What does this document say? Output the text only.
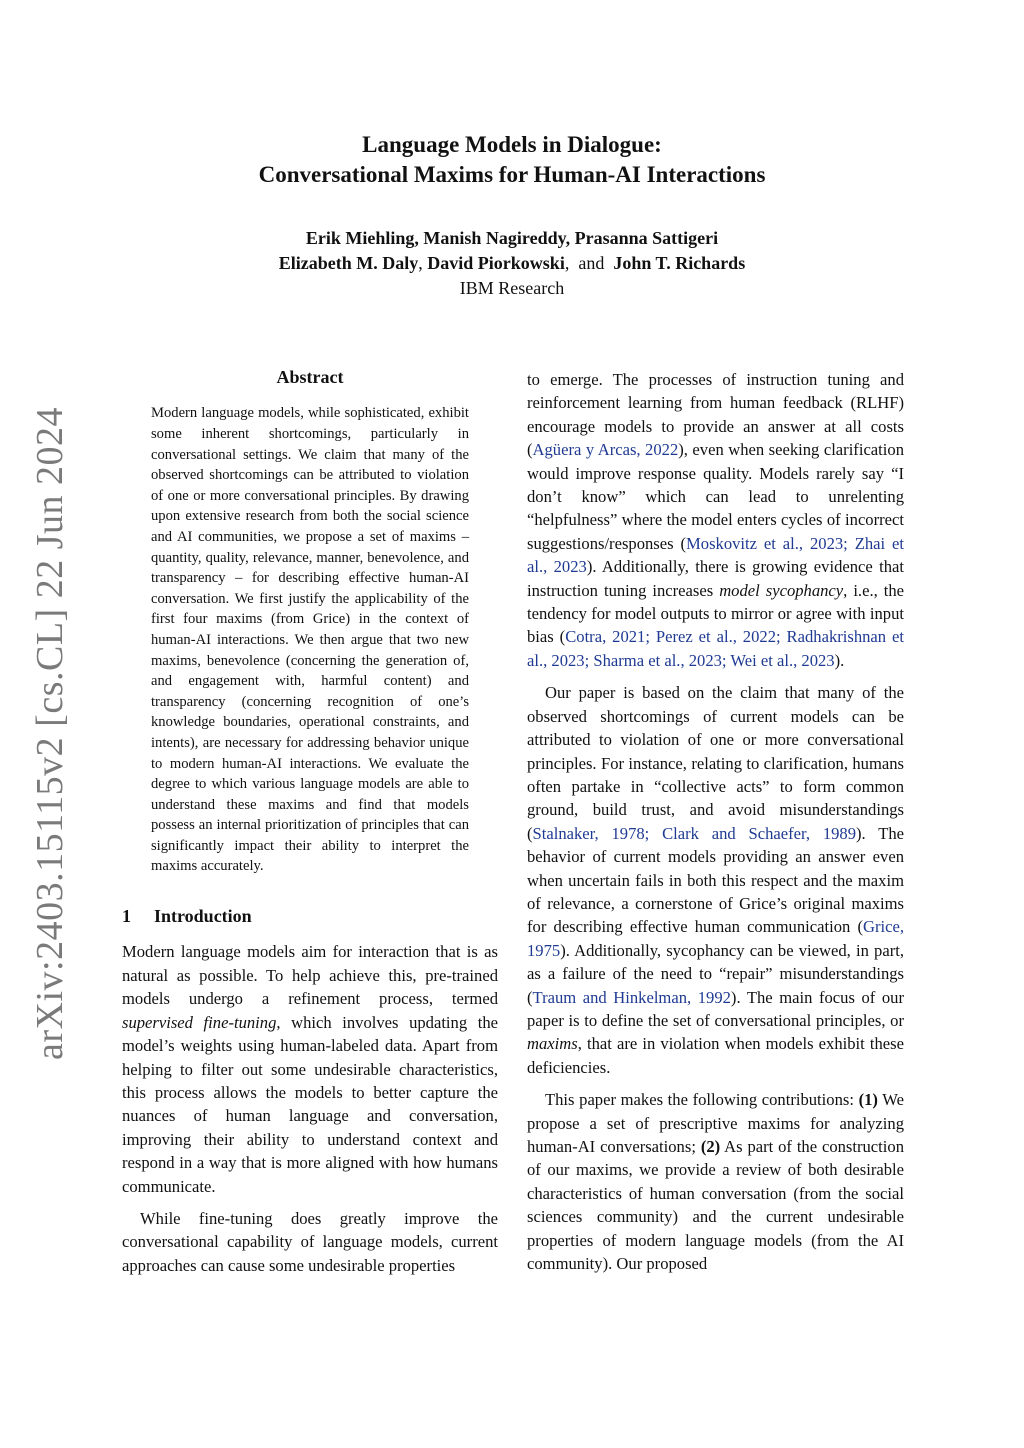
arXiv:2403.15115v2 [cs.CL] 22 Jun 2024
Language Models in Dialogue:
Conversational Maxims for Human-AI Interactions
Erik Miehling, Manish Nagireddy, Prasanna Sattigeri
Elizabeth M. Daly, David Piorkowski,  and John T. Richards
IBM Research
Abstract
Modern language models, while sophisticated, exhibit some inherent shortcomings, particularly in conversational settings. We claim that many of the observed shortcomings can be attributed to violation of one or more conversational principles. By drawing upon extensive research from both the social science and AI communities, we propose a set of maxims – quantity, quality, relevance, manner, benevolence, and transparency – for describing effective human-AI conversation. We first justify the applicability of the first four maxims (from Grice) in the context of human-AI interactions. We then argue that two new maxims, benevolence (concerning the generation of, and engagement with, harmful content) and transparency (concerning recognition of one’s knowledge boundaries, operational constraints, and intents), are necessary for addressing behavior unique to modern human-AI interactions. We evaluate the degree to which various language models are able to understand these maxims and find that models possess an internal prioritization of principles that can significantly impact their ability to interpret the maxims accurately.
1 Introduction

Modern language models aim for interaction that is as natural as possible. To help achieve this, pre-trained models undergo a refinement process, termed supervised fine-tuning, which involves updating the model’s weights using human-labeled data. Apart from helping to filter out some undesirable characteristics, this process allows the models to better capture the nuances of human language and conversation, improving their ability to understand context and respond in a way that is more aligned with how humans communicate.

While fine-tuning does greatly improve the conversational capability of language models, current approaches can cause some undesirable properties

to emerge. The processes of instruction tuning and reinforcement learning from human feedback (RLHF) encourage models to provide an answer at all costs (Agüera y Arcas, 2022), even when seeking clarification would improve response quality. Models rarely say “I don’t know” which can lead to unrelenting “helpfulness” where the model enters cycles of incorrect suggestions/responses (Moskovitz et al., 2023; Zhai et al., 2023). Additionally, there is growing evidence that instruction tuning increases model sycophancy, i.e., the tendency for model outputs to mirror or agree with input bias (Cotra, 2021; Perez et al., 2022; Radhakrishnan et al., 2023; Sharma et al., 2023; Wei et al., 2023).

Our paper is based on the claim that many of the observed shortcomings of current models can be attributed to violation of one or more conversational principles. For instance, relating to clarification, humans often partake in “collective acts” to form common ground, build trust, and avoid misunderstandings (Stalnaker, 1978; Clark and Schaefer, 1989). The behavior of current models providing an answer even when uncertain fails in both this respect and the maxim of relevance, a cornerstone of Grice’s original maxims for describing effective human communication (Grice, 1975). Additionally, sycophancy can be viewed, in part, as a failure of the need to “repair” misunderstandings (Traum and Hinkelman, 1992). The main focus of our paper is to define the set of conversational principles, or maxims, that are in violation when models exhibit these deficiencies.

This paper makes the following contributions: (1) We propose a set of prescriptive maxims for analyzing human-AI conversations; (2) As part of the construction of our maxims, we provide a review of both desirable characteristics of human conversation (from the social sciences community) and the current undesirable properties of modern language models (from the AI community). Our proposed
